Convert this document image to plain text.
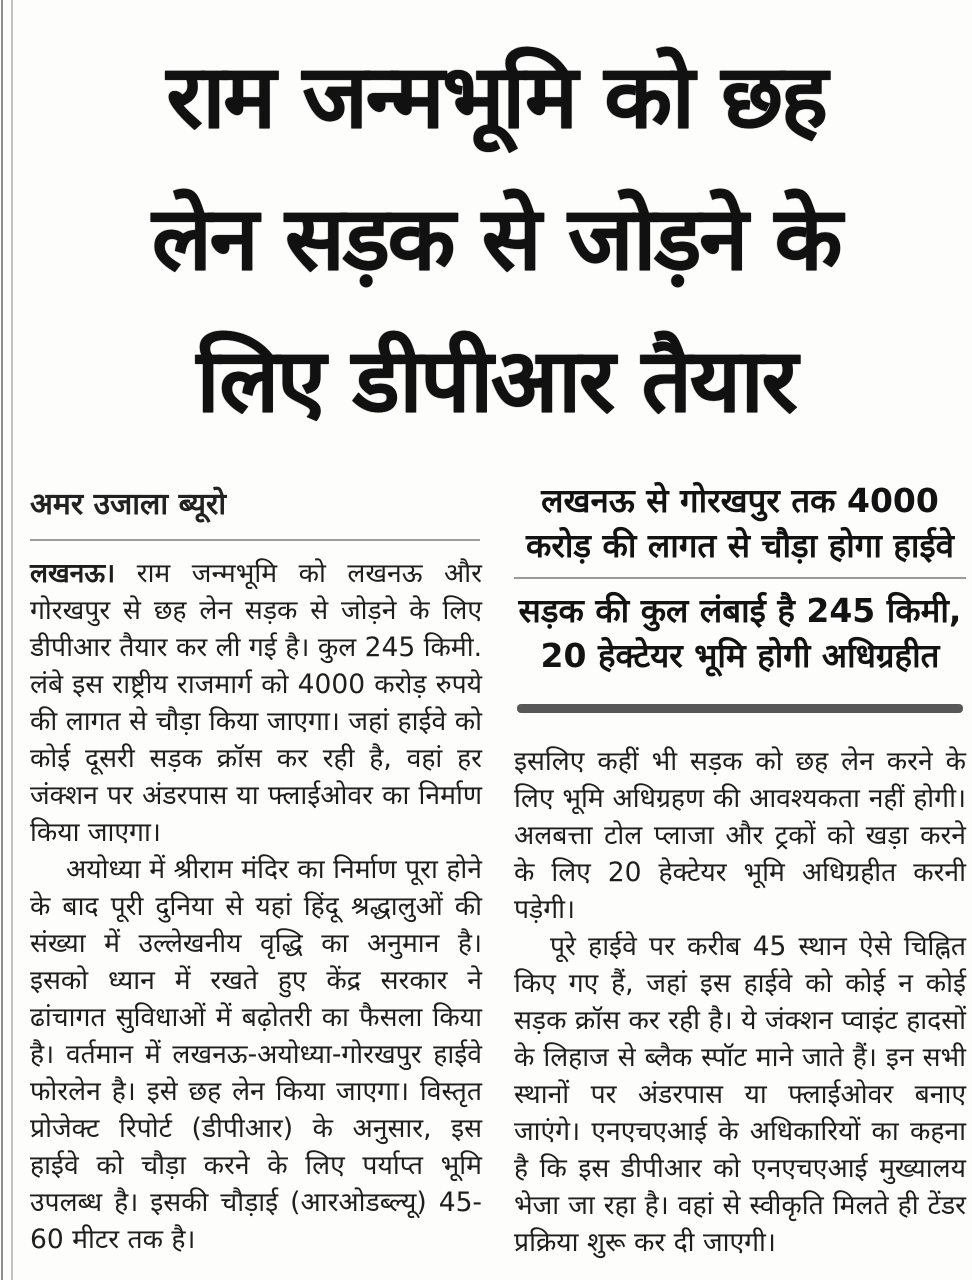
राम जन्मभूमि को छह
लेन सड़क से जोड़ने के
लिए डीपीआर तैयार
अमर उजाला ब्यूरो

लखनऊ। राम जन्मभूमि को लखनऊ और गोरखपुर से छह लेन सड़क से जोड़ने के लिए डीपीआर तैयार कर ली गई है। कुल 245 किमी. लंबे इस राष्ट्रीय राजमार्ग को 4000 करोड़ रुपये की लागत से चौड़ा किया जाएगा। जहां हाईवे को कोई दूसरी सड़क क्रॉस कर रही है, वहां हर जंक्शन पर अंडरपास या फ्लाईओवर का निर्माण किया जाएगा।

अयोध्या में श्रीराम मंदिर का निर्माण पूरा होने के बाद पूरी दुनिया से यहां हिंदू श्रद्धालुओं की संख्या में उल्लेखनीय वृद्धि का अनुमान है। इसको ध्यान में रखते हुए केंद्र सरकार ने ढांचागत सुविधाओं में बढ़ोतरी का फैसला किया है। वर्तमान में लखनऊ-अयोध्या-गोरखपुर हाईवे फोरलेन है। इसे छह लेन किया जाएगा। विस्तृत प्रोजेक्ट रिपोर्ट (डीपीआर) के अनुसार, इस हाईवे को चौड़ा करने के लिए पर्याप्त भूमि उपलब्ध है। इसकी चौड़ाई (आरओडब्ल्यू) 45-60 मीटर तक है।

लखनऊ से गोरखपुर तक 4000 करोड़ की लागत से चौड़ा होगा हाईवे
सड़क की कुल लंबाई है 245 किमी, 20 हेक्टेयर भूमि होगी अधिग्रहीत

इसलिए कहीं भी सड़क को छह लेन करने के लिए भूमि अधिग्रहण की आवश्यकता नहीं होगी। अलबत्ता टोल प्लाजा और ट्रकों को खड़ा करने के लिए 20 हेक्टेयर भूमि अधिग्रहीत करनी पड़ेगी।

पूरे हाईवे पर करीब 45 स्थान ऐसे चिह्नित किए गए हैं, जहां इस हाईवे को कोई न कोई सड़क क्रॉस कर रही है। ये जंक्शन प्वाइंट हादसों के लिहाज से ब्लैक स्पॉट माने जाते हैं। इन सभी स्थानों पर अंडरपास या फ्लाईओवर बनाए जाएंगे। एनएचएआई के अधिकारियों का कहना है कि इस डीपीआर को एनएचएआई मुख्यालय भेजा जा रहा है। वहां से स्वीकृति मिलते ही टेंडर प्रक्रिया शुरू कर दी जाएगी।
